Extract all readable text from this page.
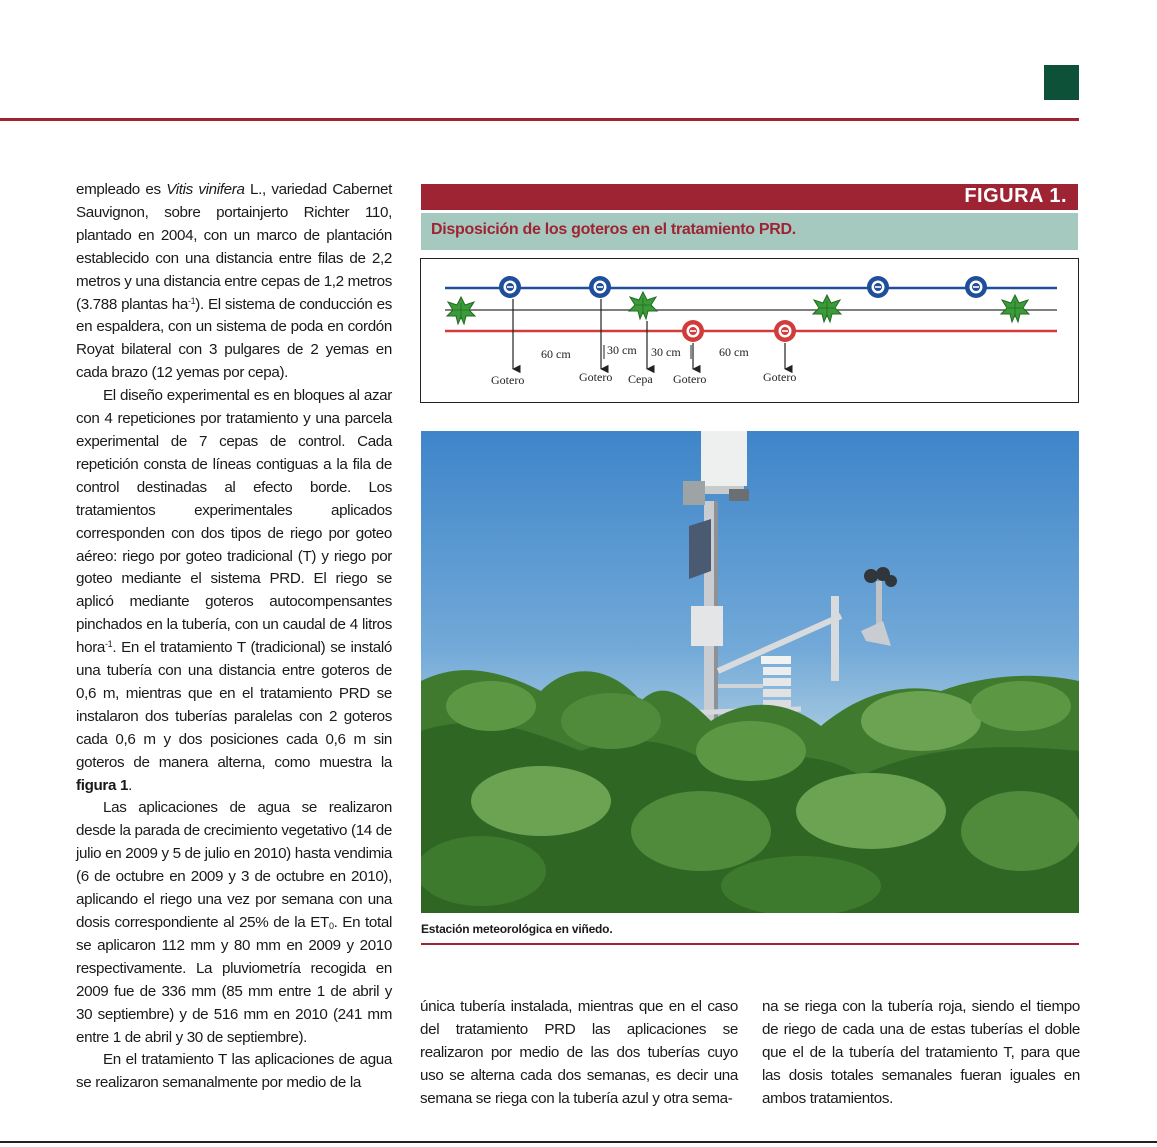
empleado es Vitis vinifera L., variedad Cabernet Sauvignon, sobre portainjerto Richter 110, plantado en 2004, con un marco de plantación establecido con una distancia entre filas de 2,2 metros y una distancia entre cepas de 1,2 metros (3.788 plantas $ha^{-1}$). El sistema de conducción es en espaldera, con un sistema de poda en cordón Royat bilateral con 3 pulgares de 2 yemas en cada brazo (12 yemas por cepa).

El diseño experimental es en bloques al azar con 4 repeticiones por tratamiento y una parcela experimental de 7 cepas de control. Cada repetición consta de líneas contiguas a la fila de control destinadas al efecto borde. Los tratamientos experimentales aplicados corresponden con dos tipos de riego por goteo aéreo: riego por goteo tradicional (T) y riego por goteo mediante el sistema PRD. El riego se aplicó mediante goteros autocompensantes pinchados en la tubería, con un caudal de 4 litros hora$^{-1}$. En el tratamiento T (tradicional) se instaló una tubería con una distancia entre goteros de 0,6 m, mientras que en el tratamiento PRD se instalaron dos tuberías paralelas con 2 goteros cada 0,6 m y dos posiciones cada 0,6 m sin goteros de manera alterna, como muestra la figura 1.

Las aplicaciones de agua se realizaron desde la parada de crecimiento vegetativo (14 de julio en 2009 y 5 de julio en 2010) hasta vendimia (6 de octubre en 2009 y 3 de octubre en 2010), aplicando el riego una vez por semana con una dosis correspondiente al 25% de la $ET_0$. En total se aplicaron 112 mm y 80 mm en 2009 y 2010 respectivamente. La pluviometría recogida en 2009 fue de 336 mm (85 mm entre 1 de abril y 30 septiembre) y de 516 mm en 2010 (241 mm entre 1 de abril y 30 de septiembre).

En el tratamiento T las aplicaciones de agua se realizaron semanalmente por medio de la

FIGURA 1.
Disposición de los goteros en el tratamiento PRD.
60 cm	30 cm 30 cm	60 cm
Gotero	Gotero Cepa Gotero	Gotero
Estación meteorológica en viñedo.

única tubería instalada, mientras que en el caso del tratamiento PRD las aplicaciones se realizaron por medio de las dos tuberías cuyo uso se alterna cada dos semanas, es decir una semana se riega con la tubería azul y otra sema-

na se riega con la tubería roja, siendo el tiempo de riego de cada una de estas tuberías el doble que el de la tubería del tratamiento T, para que las dosis totales semanales fueran iguales en ambos tratamientos.
